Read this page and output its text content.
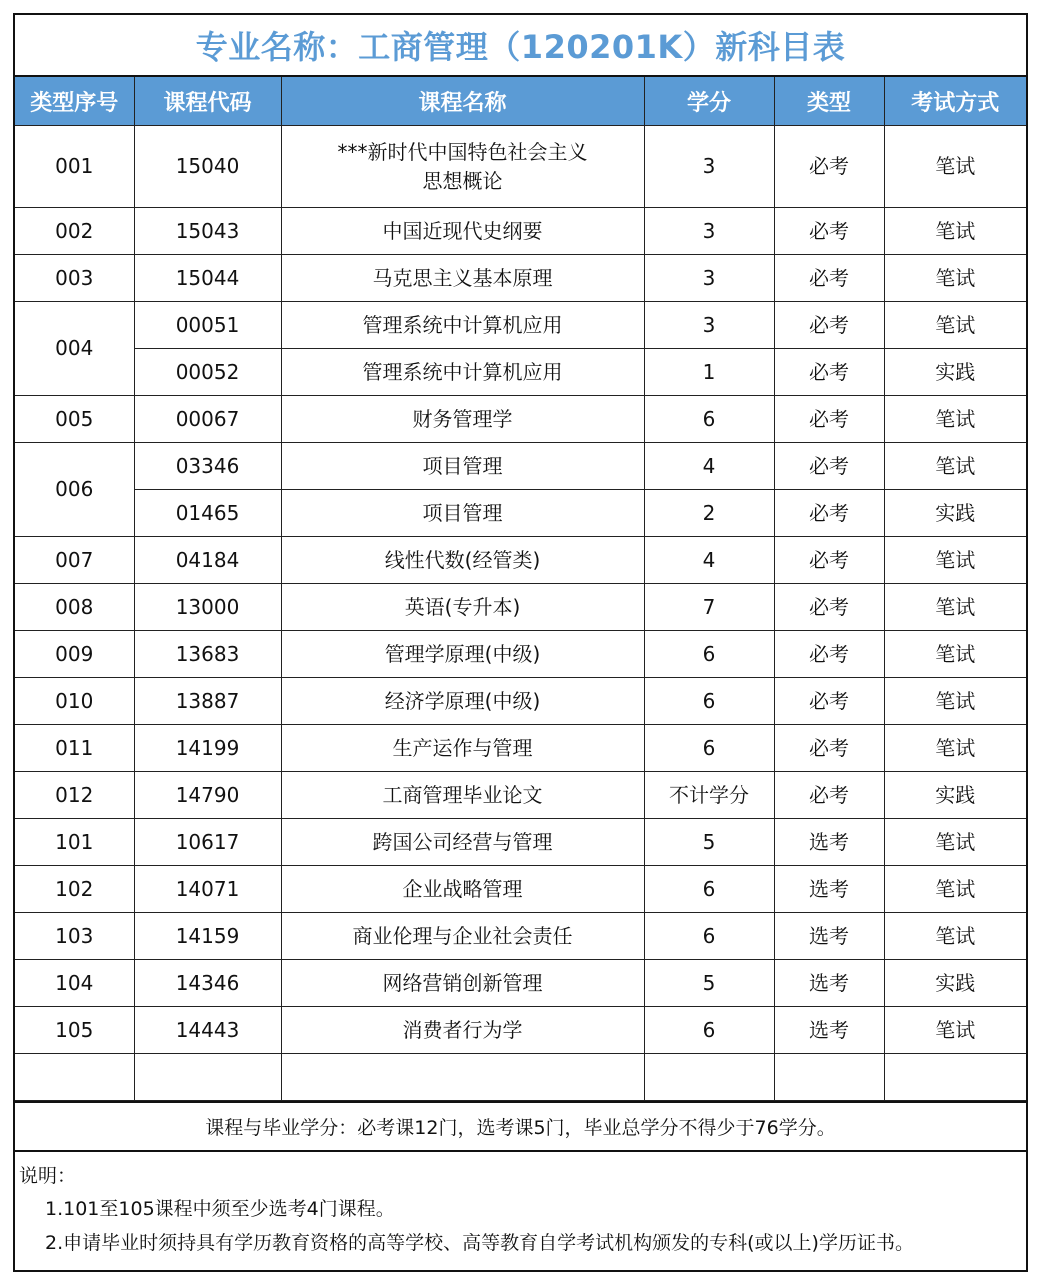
专业名称：工商管理（120201K）新科目表
类型序号	课程代码	课程名称	学分	类型	考试方式
001	15040	***新时代中国特色社会主义
思想概论	3	必考	笔试
002	15043	中国近现代史纲要	3	必考	笔试
003	15044	马克思主义基本原理	3	必考	笔试
004	00051	管理系统中计算机应用	3	必考	笔试
	00052	管理系统中计算机应用	1	必考	实践
005	00067	财务管理学	6	必考	笔试
006	03346	项目管理	4	必考	笔试
	01465	项目管理	2	必考	实践
007	04184	线性代数(经管类)	4	必考	笔试
008	13000	英语(专升本)	7	必考	笔试
009	13683	管理学原理(中级)	6	必考	笔试
010	13887	经济学原理(中级)	6	必考	笔试
011	14199	生产运作与管理	6	必考	笔试
012	14790	工商管理毕业论文	不计学分	必考	实践
101	10617	跨国公司经营与管理	5	选考	笔试
102	14071	企业战略管理	6	选考	笔试
103	14159	商业伦理与企业社会责任	6	选考	笔试
104	14346	网络营销创新管理	5	选考	实践
105	14443	消费者行为学	6	选考	笔试

课程与毕业学分：必考课12门，选考课5门，毕业总学分不得少于76学分。
说明：
1.101至105课程中须至少选考4门课程。
2.申请毕业时须持具有学历教育资格的高等学校、高等教育自学考试机构颁发的专科(或以上)学历证书。
